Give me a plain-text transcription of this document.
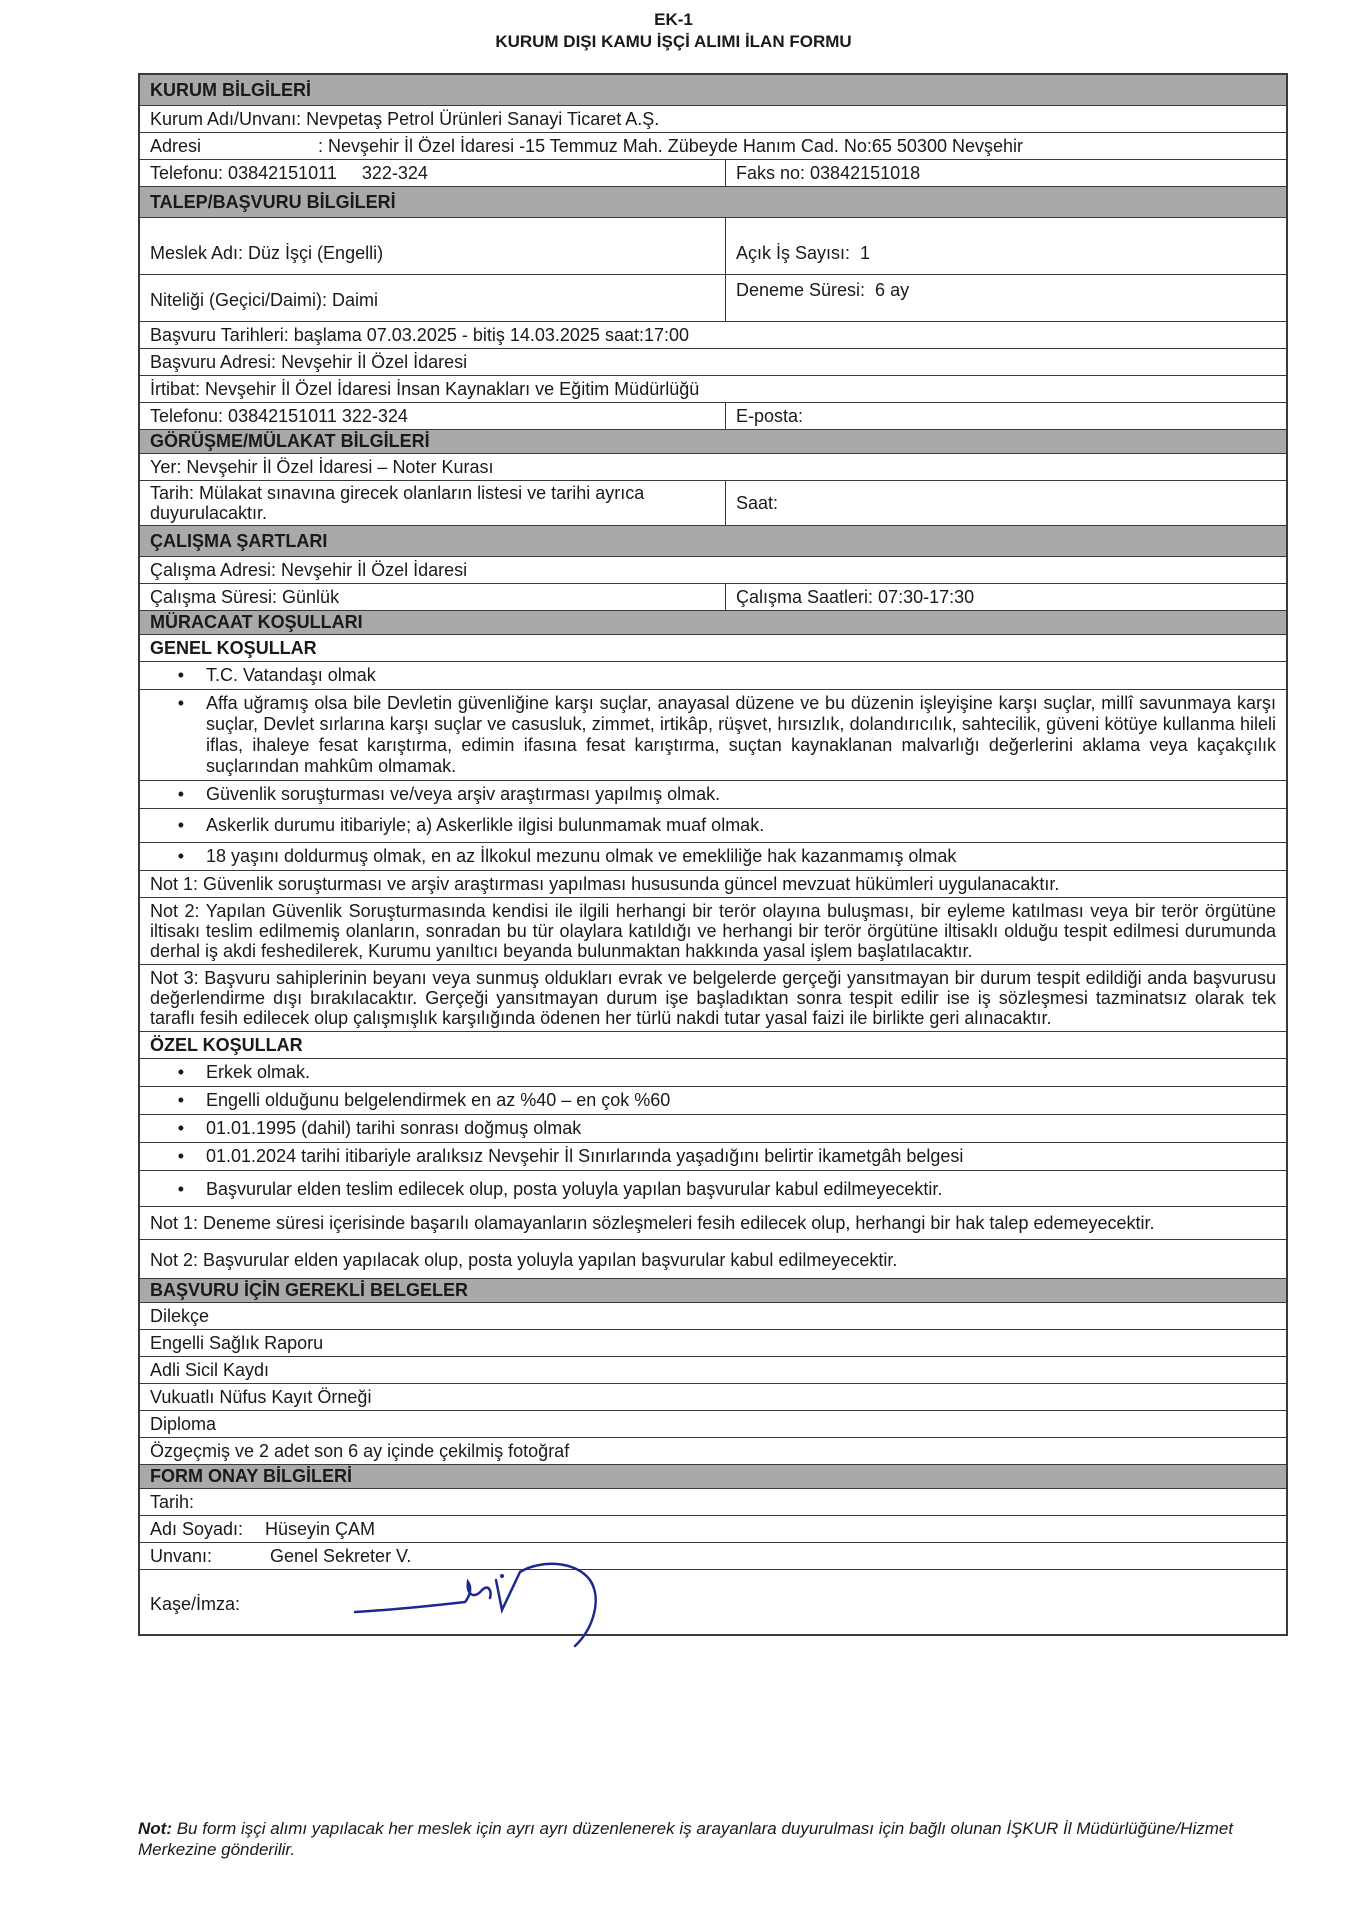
EK-1
KURUM DIŞI KAMU İŞÇİ ALIMI İLAN FORMU
KURUM BİLGİLERİ
Kurum Adı/Unvanı: Nevpetaş Petrol Ürünleri Sanayi Ticaret A.Ş.
Adresi	: Nevşehir İl Özel İdaresi -15 Temmuz Mah. Zübeyde Hanım Cad. No:65 50300 Nevşehir
Telefonu: 03842151011     322-324	Faks no: 03842151018
TALEP/BAŞVURU BİLGİLERİ
Meslek Adı: Düz İşçi (Engelli)	Açık İş Sayısı:  1
Niteliği (Geçici/Daimi): Daimi	Deneme Süresi:  6 ay
Başvuru Tarihleri: başlama 07.03.2025 - bitiş 14.03.2025 saat:17:00
Başvuru Adresi: Nevşehir İl Özel İdaresi
İrtibat: Nevşehir İl Özel İdaresi İnsan Kaynakları ve Eğitim Müdürlüğü
Telefonu: 03842151011 322-324	E-posta:
GÖRÜŞME/MÜLAKAT BİLGİLERİ
Yer: Nevşehir İl Özel İdaresi – Noter Kurası
Tarih: Mülakat sınavına girecek olanların listesi ve tarihi ayrıca duyurulacaktır.	Saat:
ÇALIŞMA ŞARTLARI
Çalışma Adresi: Nevşehir İl Özel İdaresi
Çalışma Süresi: Günlük	Çalışma Saatleri: 07:30-17:30
MÜRACAAT KOŞULLARI
GENEL KOŞULLAR
•	T.C. Vatandaşı olmak
•	Affa uğramış olsa bile Devletin güvenliğine karşı suçlar, anayasal düzene ve bu düzenin işleyişine karşı suçlar, millî savunmaya karşı suçlar, Devlet sırlarına karşı suçlar ve casusluk, zimmet, irtikâp, rüşvet, hırsızlık, dolandırıcılık, sahtecilik, güveni kötüye kullanma hileli iflas, ihaleye fesat karıştırma, edimin ifasına fesat karıştırma, suçtan kaynaklanan malvarlığı değerlerini aklama veya kaçakçılık suçlarından mahkûm olmamak.
•	Güvenlik soruşturması ve/veya arşiv araştırması yapılmış olmak.
•	Askerlik durumu itibariyle; a) Askerlikle ilgisi bulunmamak muaf olmak.
•	18 yaşını doldurmuş olmak, en az İlkokul mezunu olmak ve emekliliğe hak kazanmamış olmak
Not 1: Güvenlik soruşturması ve arşiv araştırması yapılması hususunda güncel mevzuat hükümleri uygulanacaktır.
Not 2: Yapılan Güvenlik Soruşturmasında kendisi ile ilgili herhangi bir terör olayına buluşması, bir eyleme katılması veya bir terör örgütüne iltisakı teslim edilmemiş olanların, sonradan bu tür olaylara katıldığı ve herhangi bir terör örgütüne iltisaklı olduğu tespit edilmesi durumunda derhal iş akdi feshedilerek, Kurumu yanıltıcı beyanda bulunmaktan hakkında yasal işlem başlatılacaktır.
Not 3: Başvuru sahiplerinin beyanı veya sunmuş oldukları evrak ve belgelerde gerçeği yansıtmayan bir durum tespit edildiği anda başvurusu değerlendirme dışı bırakılacaktır. Gerçeği yansıtmayan durum işe başladıktan sonra tespit edilir ise iş sözleşmesi tazminatsız olarak tek taraflı fesih edilecek olup çalışmışlık karşılığında ödenen her türlü nakdi tutar yasal faizi ile birlikte geri alınacaktır.
ÖZEL KOŞULLAR
•	Erkek olmak.
•	Engelli olduğunu belgelendirmek en az %40 – en çok %60
•	01.01.1995 (dahil) tarihi sonrası doğmuş olmak
•	01.01.2024 tarihi itibariyle aralıksız Nevşehir İl Sınırlarında yaşadığını belirtir ikametgâh belgesi
•	Başvurular elden teslim edilecek olup, posta yoluyla yapılan başvurular kabul edilmeyecektir.
Not 1: Deneme süresi içerisinde başarılı olamayanların sözleşmeleri fesih edilecek olup, herhangi bir hak talep edemeyecektir.
Not 2: Başvurular elden yapılacak olup, posta yoluyla yapılan başvurular kabul edilmeyecektir.
BAŞVURU İÇİN GEREKLİ BELGELER
Dilekçe
Engelli Sağlık Raporu
Adli Sicil Kaydı
Vukuatlı Nüfus Kayıt Örneği
Diploma
Özgeçmiş ve 2 adet son 6 ay içinde çekilmiş fotoğraf
FORM ONAY BİLGİLERİ
Tarih:
Adı Soyadı: Hüseyin ÇAM
Unvanı:	Genel Sekreter V.
Kaşe/İmza:
Not: Bu form işçi alımı yapılacak her meslek için ayrı ayrı düzenlenerek iş arayanlara duyurulması için bağlı olunan İŞKUR İl Müdürlüğüne/Hizmet Merkezine gönderilir.
